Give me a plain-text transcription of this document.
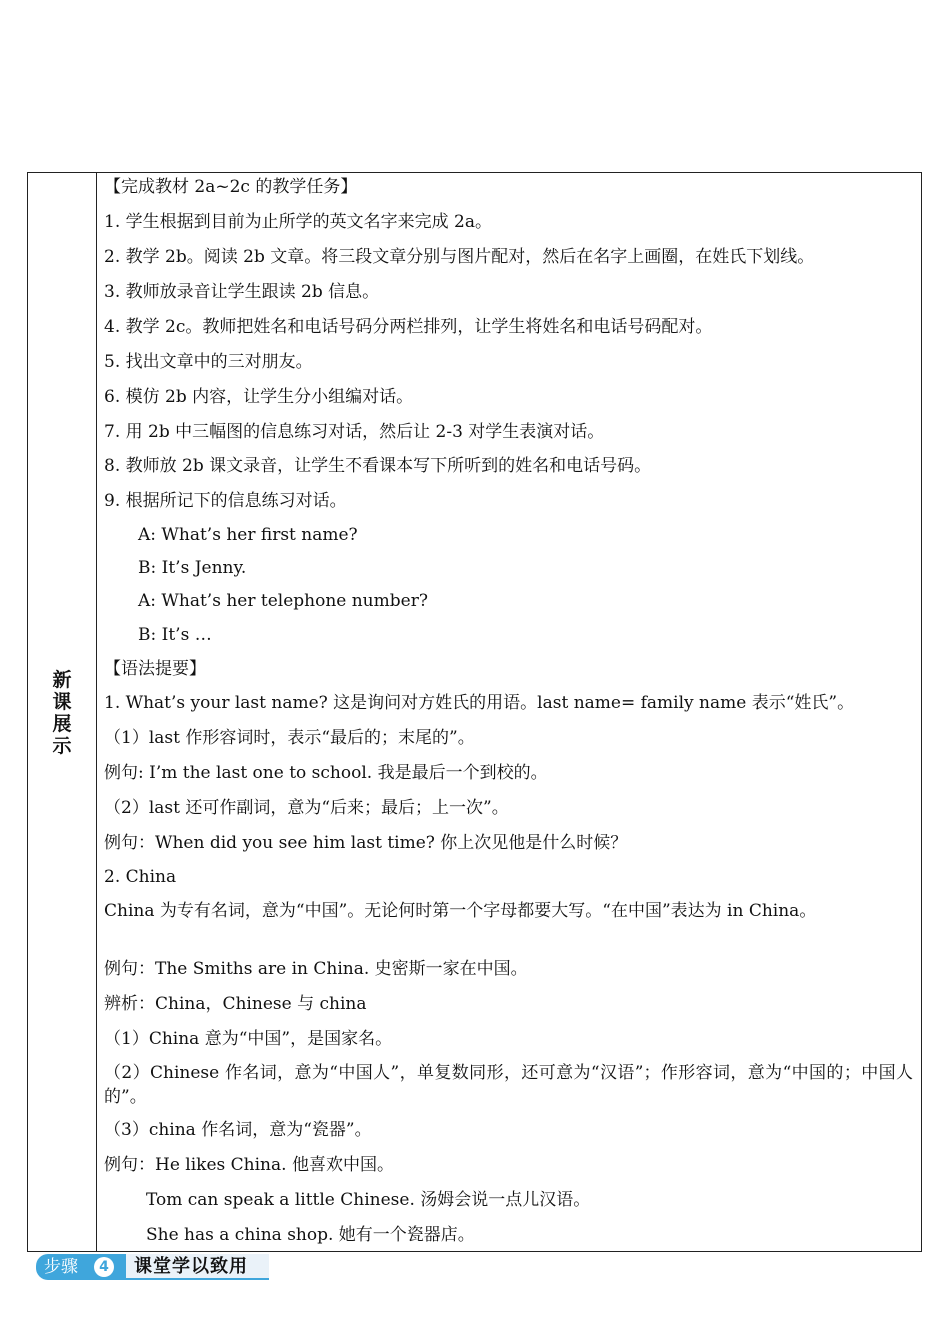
新
课
展
示
【完成教材 2a~2c 的教学任务】
1. 学生根据到目前为止所学的英文名字来完成 2a。
2. 教学 2b。阅读 2b 文章。将三段文章分别与图片配对，然后在名字上画圈，在姓氏下划线。
3. 教师放录音让学生跟读 2b 信息。
4. 教学 2c。教师把姓名和电话号码分两栏排列，让学生将姓名和电话号码配对。
5. 找出文章中的三对朋友。
6. 模仿 2b 内容，让学生分小组编对话。
7. 用 2b 中三幅图的信息练习对话，然后让 2-3 对学生表演对话。
8. 教师放 2b 课文录音，让学生不看课本写下所听到的姓名和电话号码。
9. 根据所记下的信息练习对话。
A: What’s her first name?
B: It’s Jenny.
A: What’s her telephone number?
B: It’s …
【语法提要】
1. What’s your last name? 这是询问对方姓氏的用语。last name= family name 表示“姓氏”。
（1）last 作形容词时，表示“最后的；末尾的”。
例句: I’m the last one to school. 我是最后一个到校的。
（2）last 还可作副词，意为“后来；最后；上一次”。
例句：When did you see him last time? 你上次见他是什么时候？
2. China
China 为专有名词，意为“中国”。无论何时第一个字母都要大写。“在中国”表达为 in China。
例句：The Smiths are in China. 史密斯一家在中国。
辨析：China，Chinese 与 china
（1）China 意为“中国”，是国家名。
（2）Chinese 作名词，意为“中国人”，单复数同形，还可意为“汉语”；作形容词，意为“中国的；中国人的”。
（3）china 作名词，意为“瓷器”。
例句：He likes China. 他喜欢中国。
Tom can speak a little Chinese. 汤姆会说一点儿汉语。
She has a china shop. 她有一个瓷器店。
步骤	4	课堂学以致用
